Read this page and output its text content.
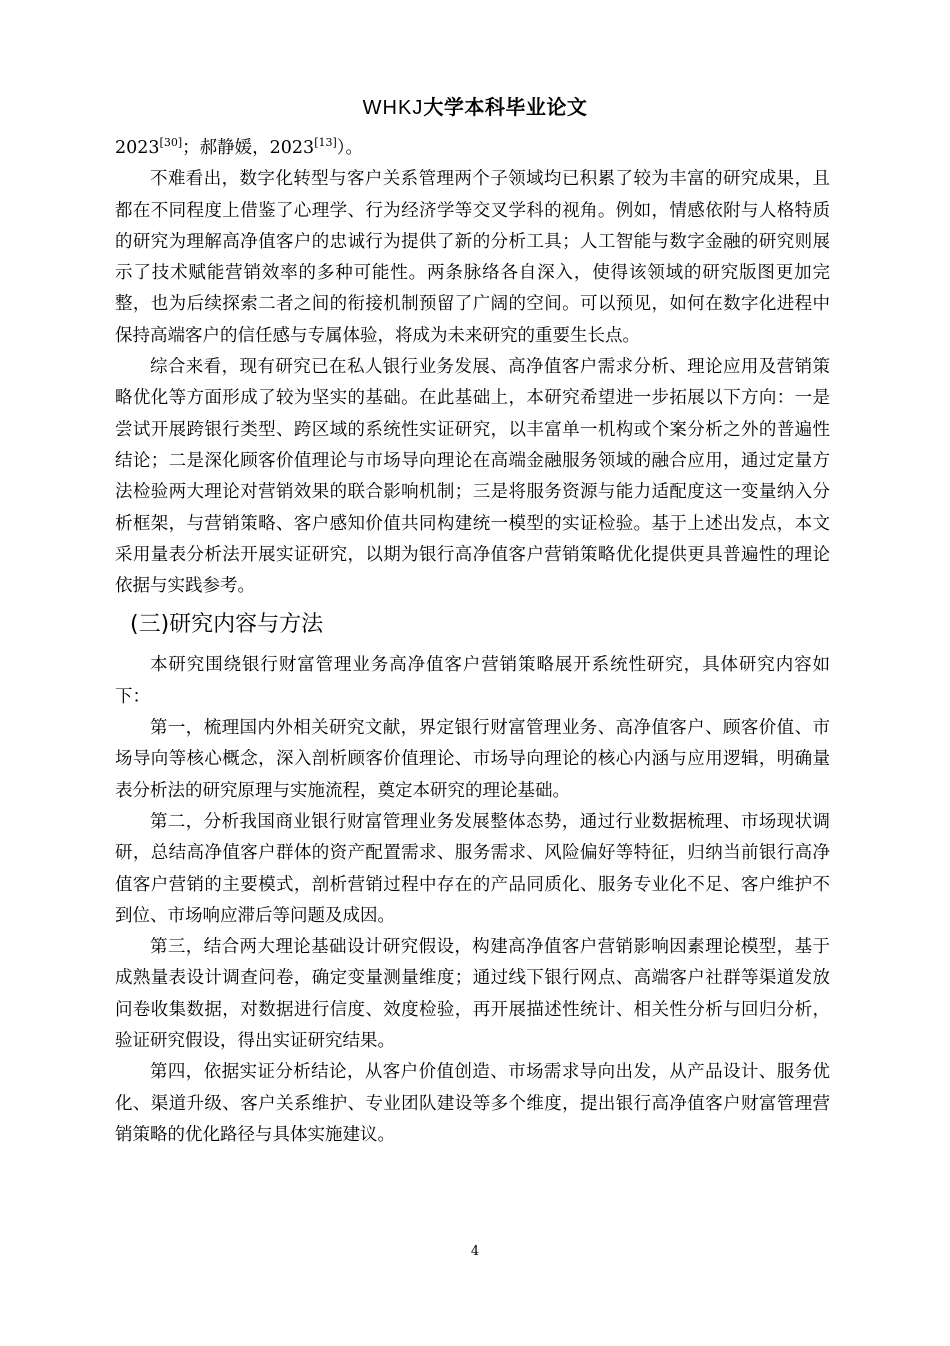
WHKJ大学本科毕业论文

2023[30]；郝静媛，2023[13]）。

不难看出，数字化转型与客户关系管理两个子领域均已积累了较为丰富的研究成果，且都在不同程度上借鉴了心理学、行为经济学等交叉学科的视角。例如，情感依附与人格特质的研究为理解高净值客户的忠诚行为提供了新的分析工具；人工智能与数字金融的研究则展示了技术赋能营销效率的多种可能性。两条脉络各自深入，使得该领域的研究版图更加完整，也为后续探索二者之间的衔接机制预留了广阔的空间。可以预见，如何在数字化进程中保持高端客户的信任感与专属体验，将成为未来研究的重要生长点。

综合来看，现有研究已在私人银行业务发展、高净值客户需求分析、理论应用及营销策略优化等方面形成了较为坚实的基础。在此基础上，本研究希望进一步拓展以下方向：一是尝试开展跨银行类型、跨区域的系统性实证研究，以丰富单一机构或个案分析之外的普遍性结论；二是深化顾客价值理论与市场导向理论在高端金融服务领域的融合应用，通过定量方法检验两大理论对营销效果的联合影响机制；三是将服务资源与能力适配度这一变量纳入分析框架，与营销策略、客户感知价值共同构建统一模型的实证检验。基于上述出发点，本文采用量表分析法开展实证研究，以期为银行高净值客户营销策略优化提供更具普遍性的理论依据与实践参考。

(三)研究内容与方法

本研究围绕银行财富管理业务高净值客户营销策略展开系统性研究，具体研究内容如下：

第一，梳理国内外相关研究文献，界定银行财富管理业务、高净值客户、顾客价值、市场导向等核心概念，深入剖析顾客价值理论、市场导向理论的核心内涵与应用逻辑，明确量表分析法的研究原理与实施流程，奠定本研究的理论基础。

第二，分析我国商业银行财富管理业务发展整体态势，通过行业数据梳理、市场现状调研，总结高净值客户群体的资产配置需求、服务需求、风险偏好等特征，归纳当前银行高净值客户营销的主要模式，剖析营销过程中存在的产品同质化、服务专业化不足、客户维护不到位、市场响应滞后等问题及成因。

第三，结合两大理论基础设计研究假设，构建高净值客户营销影响因素理论模型，基于成熟量表设计调查问卷，确定变量测量维度；通过线下银行网点、高端客户社群等渠道发放问卷收集数据，对数据进行信度、效度检验，再开展描述性统计、相关性分析与回归分析，验证研究假设，得出实证研究结果。

第四，依据实证分析结论，从客户价值创造、市场需求导向出发，从产品设计、服务优化、渠道升级、客户关系维护、专业团队建设等多个维度，提出银行高净值客户财富管理营销策略的优化路径与具体实施建议。

4
